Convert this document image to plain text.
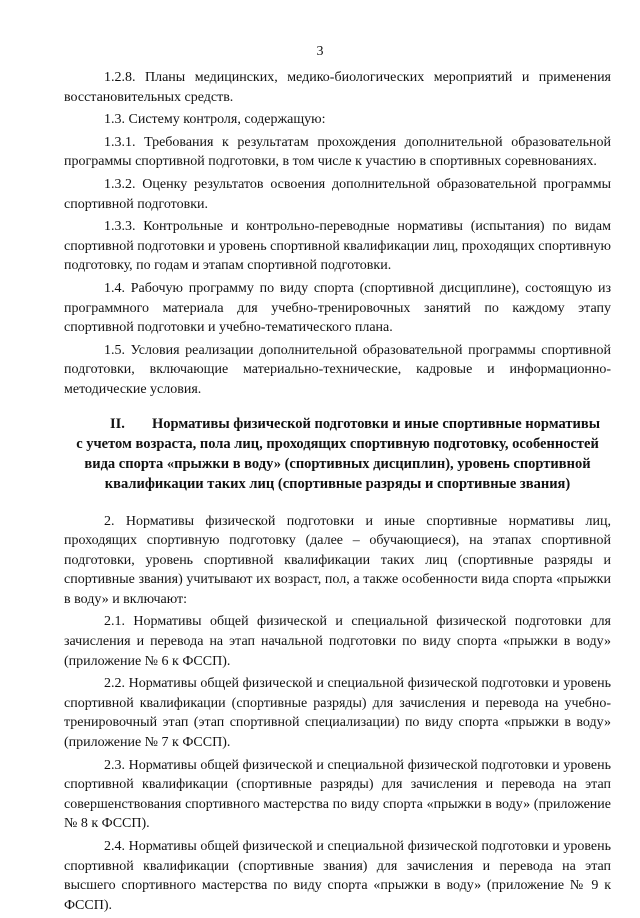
3

1.2.8. Планы медицинских, медико-биологических мероприятий и применения восстановительных средств.

1.3. Систему контроля, содержащую:

1.3.1. Требования к результатам прохождения дополнительной образовательной программы спортивной подготовки, в том числе к участию в спортивных соревнованиях.

1.3.2. Оценку результатов освоения дополнительной образовательной программы спортивной подготовки.

1.3.3. Контрольные и контрольно-переводные нормативы (испытания) по видам спортивной подготовки и уровень спортивной квалификации лиц, проходящих спортивную подготовку, по годам и этапам спортивной подготовки.

1.4. Рабочую программу по виду спорта (спортивной дисциплине), состоящую из программного материала для учебно-тренировочных занятий по каждому этапу спортивной подготовки и учебно-тематического плана.

1.5. Условия реализации дополнительной образовательной программы спортивной подготовки, включающие материально-технические, кадровые и информационно-методические условия.

II. Нормативы физической подготовки и иные спортивные нормативы
с учетом возраста, пола лиц, проходящих спортивную подготовку, особенностей
вида спорта «прыжки в воду» (спортивных дисциплин), уровень спортивной
квалификации таких лиц (спортивные разряды и спортивные звания)

2. Нормативы физической подготовки и иные спортивные нормативы лиц, проходящих спортивную подготовку (далее – обучающиеся), на этапах спортивной подготовки, уровень спортивной квалификации таких лиц (спортивные разряды и спортивные звания) учитывают их возраст, пол, а также особенности вида спорта «прыжки в воду» и включают:

2.1. Нормативы общей физической и специальной физической подготовки для зачисления и перевода на этап начальной подготовки по виду спорта «прыжки в воду» (приложение № 6 к ФССП).

2.2. Нормативы общей физической и специальной физической подготовки и уровень спортивной квалификации (спортивные разряды) для зачисления и перевода на учебно-тренировочный этап (этап спортивной специализации) по виду спорта «прыжки в воду» (приложение № 7 к ФССП).

2.3. Нормативы общей физической и специальной физической подготовки и уровень спортивной квалификации (спортивные разряды) для зачисления и перевода на этап совершенствования спортивного мастерства по виду спорта «прыжки в воду» (приложение № 8 к ФССП).

2.4. Нормативы общей физической и специальной физической подготовки и уровень спортивной квалификации (спортивные звания) для зачисления и перевода на этап высшего спортивного мастерства по виду спорта «прыжки в воду» (приложение № 9 к ФССП).
